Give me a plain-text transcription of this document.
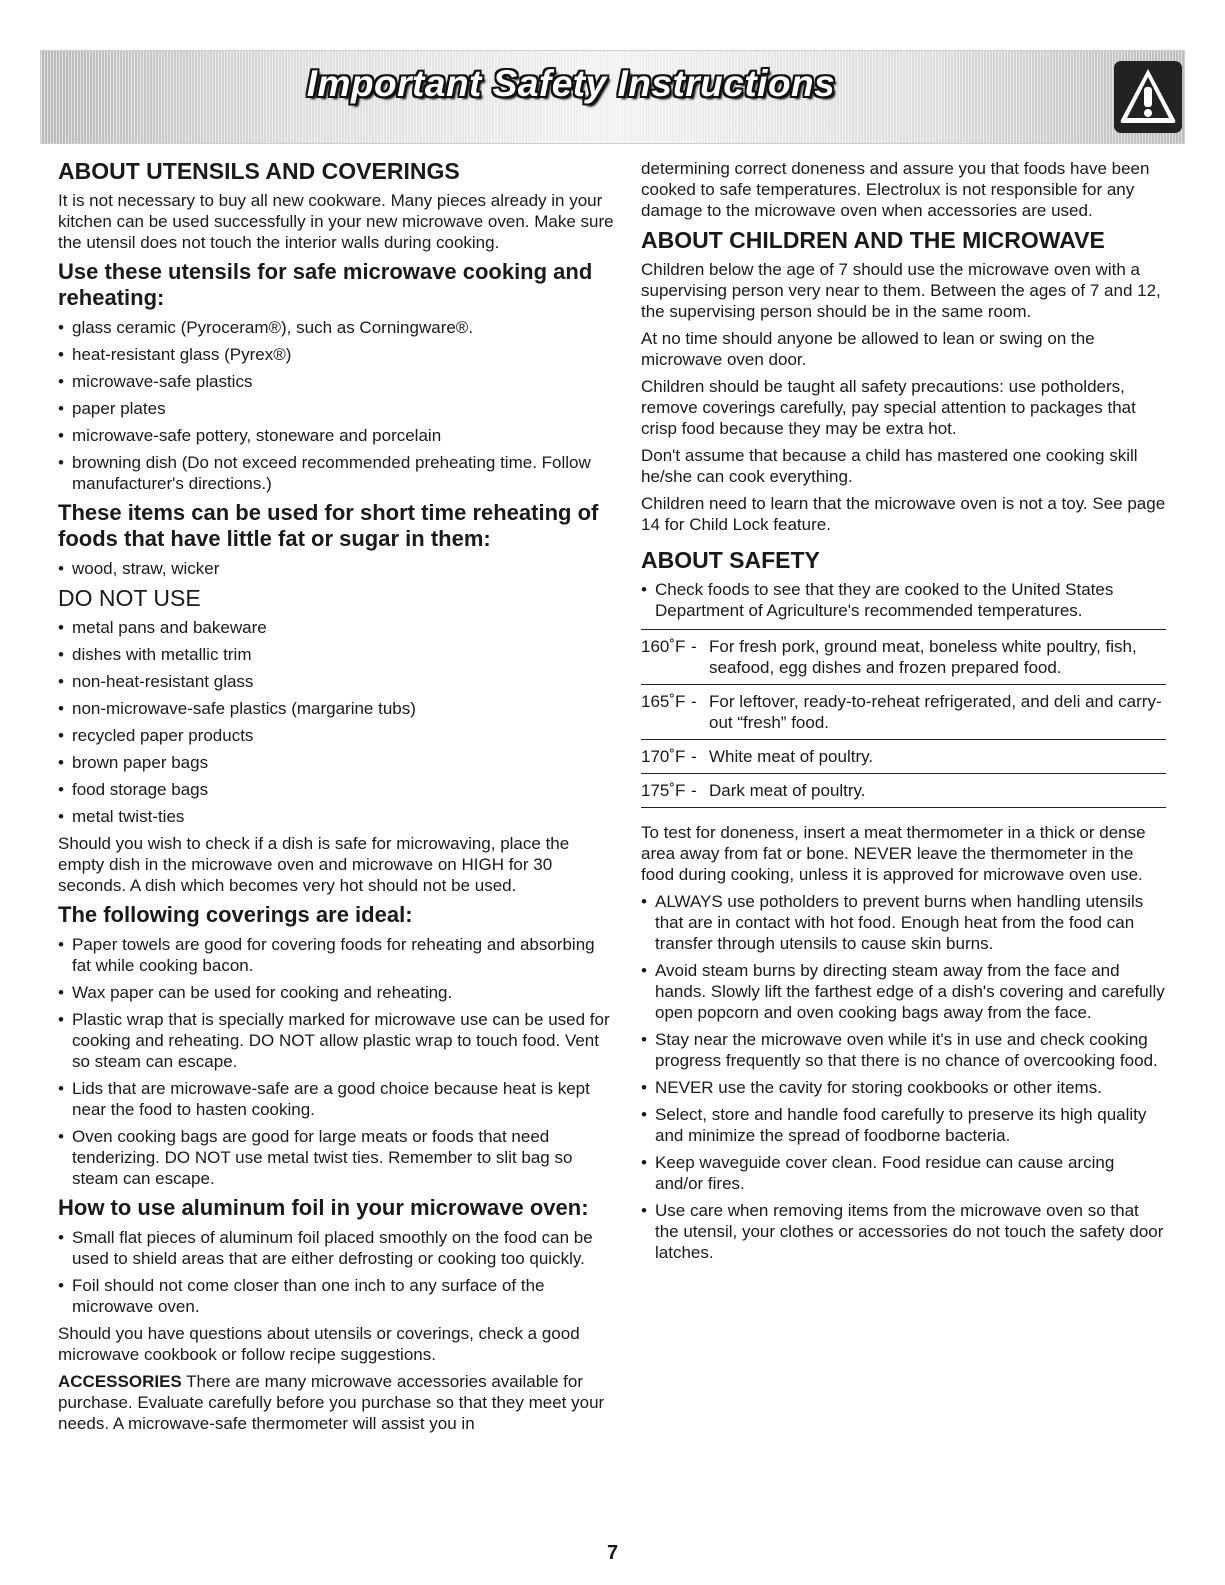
Important Safety Instructions
ABOUT UTENSILS AND COVERINGS

It is not necessary to buy all new cookware. Many pieces already in your kitchen can be used successfully in your new microwave oven. Make sure the utensil does not touch the interior walls during cooking.

Use these utensils for safe microwave cooking and reheating:
• glass ceramic (Pyroceram®), such as Corningware®.
• heat-resistant glass (Pyrex®)
• microwave-safe plastics
• paper plates
• microwave-safe pottery, stoneware and porcelain
• browning dish (Do not exceed recommended preheating time. Follow manufacturer's directions.)
These items can be used for short time reheating of foods that have little fat or sugar in them:
• wood, straw, wicker
DO NOT USE
• metal pans and bakeware
• dishes with metallic trim
• non-heat-resistant glass
• non-microwave-safe plastics (margarine tubs)
• recycled paper products
• brown paper bags
• food storage bags
• metal twist-ties

Should you wish to check if a dish is safe for microwaving, place the empty dish in the microwave oven and microwave on HIGH for 30 seconds. A dish which becomes very hot should not be used.

The following coverings are ideal:
• Paper towels are good for covering foods for reheating and absorbing fat while cooking bacon.
• Wax paper can be used for cooking and reheating.
• Plastic wrap that is specially marked for microwave use can be used for cooking and reheating. DO NOT allow plastic wrap to touch food. Vent so steam can escape.
• Lids that are microwave-safe are a good choice because heat is kept near the food to hasten cooking.
• Oven cooking bags are good for large meats or foods that need tenderizing. DO NOT use metal twist ties. Remember to slit bag so steam can escape.
How to use aluminum foil in your microwave oven:
• Small flat pieces of aluminum foil placed smoothly on the food can be used to shield areas that are either defrosting or cooking too quickly.
• Foil should not come closer than one inch to any surface of the microwave oven.

Should you have questions about utensils or coverings, check a good microwave cookbook or follow recipe suggestions.

ACCESSORIES There are many microwave accessories available for purchase. Evaluate carefully before you purchase so that they meet your needs. A microwave-safe thermometer will assist you in

determining correct doneness and assure you that foods have been cooked to safe temperatures. Electrolux is not responsible for any damage to the microwave oven when accessories are used.

ABOUT CHILDREN AND THE MICROWAVE

Children below the age of 7 should use the microwave oven with a supervising person very near to them. Between the ages of 7 and 12, the supervising person should be in the same room.

At no time should anyone be allowed to lean or swing on the microwave oven door.

Children should be taught all safety precautions: use potholders, remove coverings carefully, pay special attention to packages that crisp food because they may be extra hot.

Don't assume that because a child has mastered one cooking skill he/she can cook everything.

Children need to learn that the microwave oven is not a toy. See page 14 for Child Lock feature.

ABOUT SAFETY
• Check foods to see that they are cooked to the United States Department of Agriculture's recommended temperatures.
160˚F - For fresh pork, ground meat, boneless white poultry, fish, seafood, egg dishes and frozen prepared food.
165˚F - For leftover, ready-to-reheat refrigerated, and deli and carry-out “fresh” food.
170˚F - White meat of poultry.
175˚F - Dark meat of poultry.

To test for doneness, insert a meat thermometer in a thick or dense area away from fat or bone. NEVER leave the thermometer in the food during cooking, unless it is approved for microwave oven use.

• ALWAYS use potholders to prevent burns when handling utensils that are in contact with hot food. Enough heat from the food can transfer through utensils to cause skin burns.
• Avoid steam burns by directing steam away from the face and hands. Slowly lift the farthest edge of a dish's covering and carefully open popcorn and oven cooking bags away from the face.
• Stay near the microwave oven while it's in use and check cooking progress frequently so that there is no chance of overcooking food.
• NEVER use the cavity for storing cookbooks or other items.
• Select, store and handle food carefully to preserve its high quality and minimize the spread of foodborne bacteria.
• Keep waveguide cover clean. Food residue can cause arcing and/or fires.
• Use care when removing items from the microwave oven so that the utensil, your clothes or accessories do not touch the safety door latches.
7
